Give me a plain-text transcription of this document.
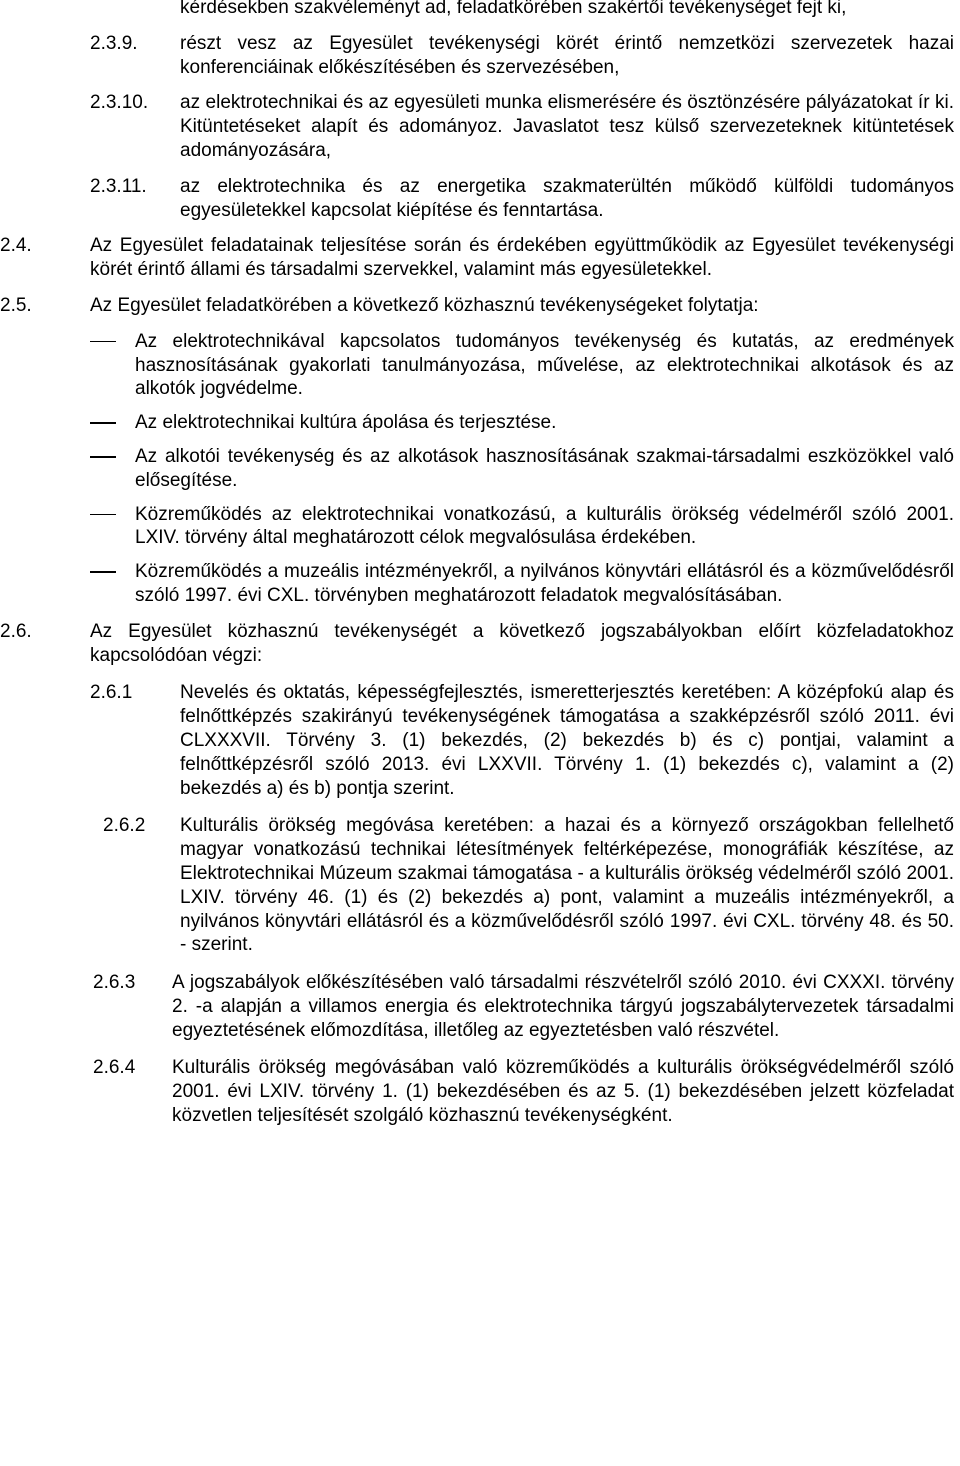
kérdésekben szakvéleményt ad, feladatkörében szakértői tevékenységet fejt ki,
2.3.9. részt vesz az Egyesület tevékenységi körét érintő nemzetközi szervezetek hazai konferenciáinak előkészítésében és szervezésében,
2.3.10. az elektrotechnikai és az egyesületi munka elismerésére és ösztönzésére pályázatokat ír ki. Kitüntetéseket alapít és adományoz. Javaslatot tesz külső szervezeteknek kitüntetések adományozására,
2.3.11. az elektrotechnika és az energetika szakmaterültén működő külföldi tudományos egyesületekkel kapcsolat kiépítése és fenntartása.
2.4.	Az Egyesület feladatainak teljesítése során és érdekében együttműködik az Egyesület tevékenységi körét érintő állami és társadalmi szervekkel, valamint más egyesületekkel.
2.5.	Az Egyesület feladatkörében a következő közhasznú tevékenységeket folytatja:
Az elektrotechnikával kapcsolatos tudományos tevékenység és kutatás, az eredmények hasznosításának gyakorlati tanulmányozása, művelése, az elektrotechnikai alkotások és az alkotók jogvédelme.
Az elektrotechnikai kultúra ápolása és terjesztése.
Az alkotói tevékenység és az alkotások hasznosításának szakmai-társadalmi eszközökkel való elősegítése.
Közreműködés az elektrotechnikai vonatkozású, a kulturális örökség védelméről szóló 2001. LXIV. törvény által meghatározott célok megvalósulása érdekében.
Közreműködés a muzeális intézményekről, a nyilvános könyvtári ellátásról és a közművelődésről szóló 1997. évi CXL. törvényben meghatározott feladatok megvalósításában.
2.6.	Az Egyesület közhasznú tevékenységét a következő jogszabályokban előírt közfeladatokhoz kapcsolódóan végzi:
2.6.1	Nevelés és oktatás, képességfejlesztés, ismeretterjesztés keretében: A középfokú alap és felnőttképzés szakirányú tevékenységének támogatása a szakképzésről szóló 2011. évi CLXXXVII. Törvény 3. (1) bekezdés, (2) bekezdés b) és c) pontjai, valamint a felnőttképzésről szóló 2013. évi LXXVII. Törvény 1. (1) bekezdés c), valamint a (2) bekezdés a) és b) pontja szerint.
2.6.2 Kulturális örökség megóvása keretében: a hazai és a környező országokban fellelhető magyar vonatkozású technikai létesítmények feltérképezése, monográfiák készítése, az Elektrotechnikai Múzeum szakmai támogatása - a kulturális örökség védelméről szóló 2001. LXIV. törvény 46. (1) és (2) bekezdés a) pont, valamint a muzeális intézményekről, a nyilvános könyvtári ellátásról és a közművelődésről szóló 1997. évi CXL. törvény 48. és 50. - szerint.
2.6.3 A jogszabályok előkészítésében való társadalmi részvételről szóló 2010. évi CXXXI. törvény 2. -a alapján a villamos energia és elektrotechnika tárgyú jogszabálytervezetek társadalmi egyeztetésének előmozdítása, illetőleg az egyeztetésben való részvétel.
2.6.4 Kulturális örökség megóvásában való közreműködés a kulturális örökségvédelméről szóló 2001. évi LXIV. törvény 1. (1) bekezdésében és az 5. (1) bekezdésében jelzett közfeladat közvetlen teljesítését szolgáló közhasznú tevékenységként.
